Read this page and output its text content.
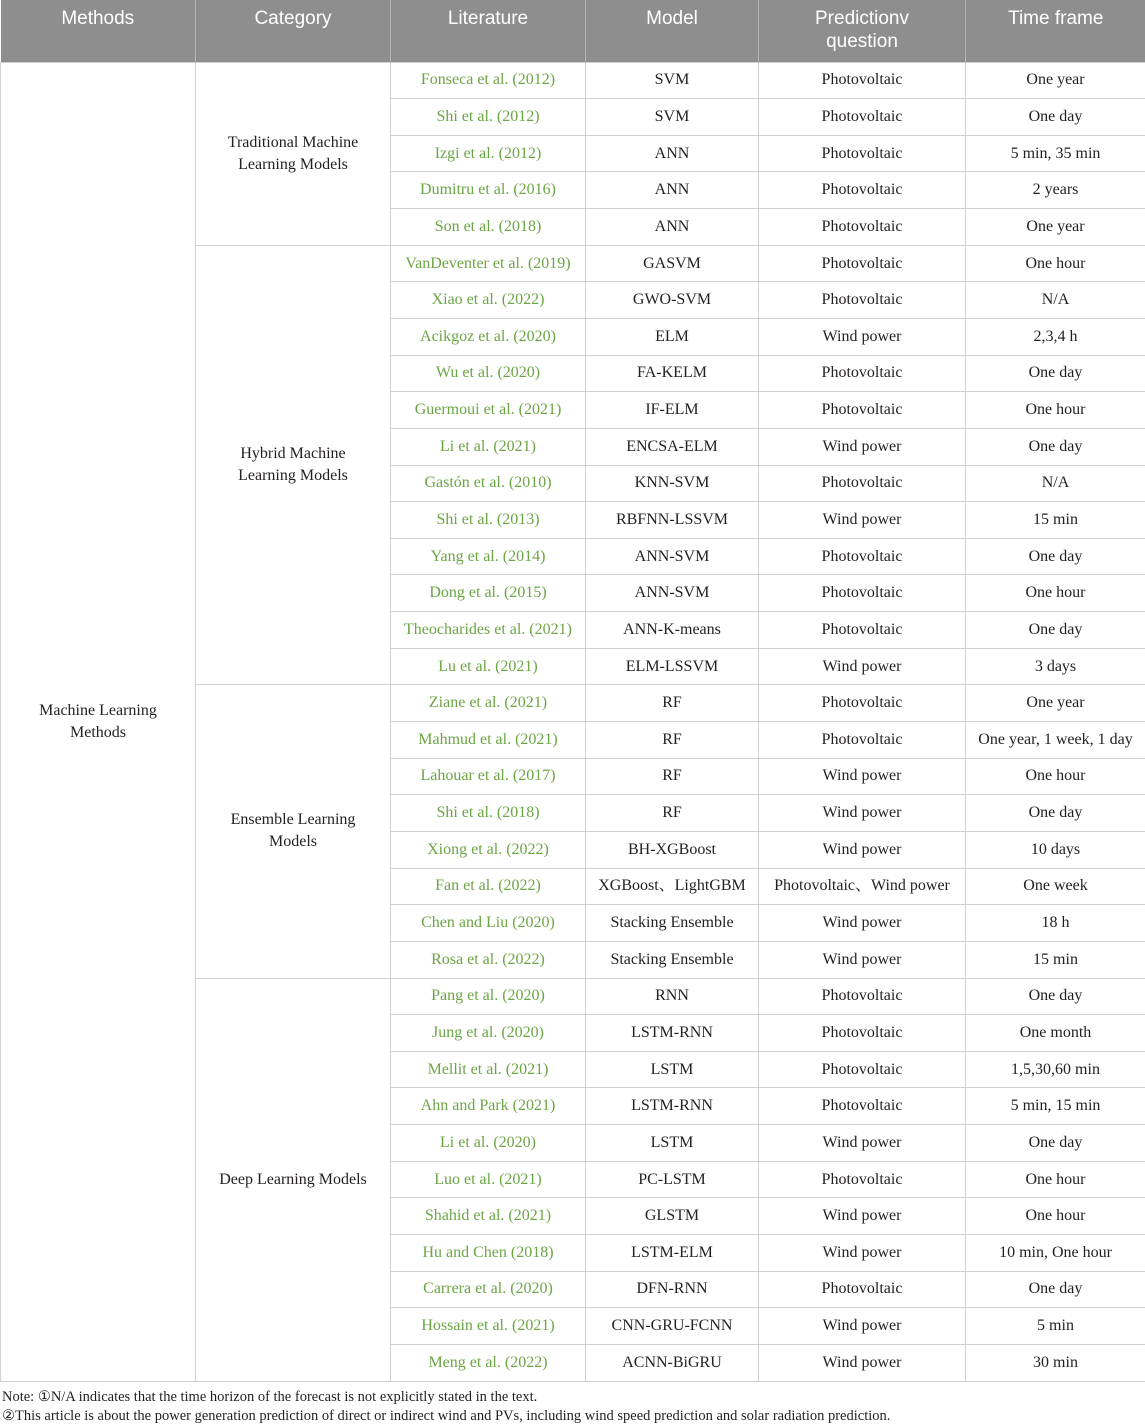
Methods	Category	Literature	Model	Predictionv question	Time frame
Machine Learning Methods	Traditional Machine Learning Models	Fonseca et al. (2012)	SVM	Photovoltaic	One year
		Shi et al. (2012)	SVM	Photovoltaic	One day
		Izgi et al. (2012)	ANN	Photovoltaic	5 min, 35 min
		Dumitru et al. (2016)	ANN	Photovoltaic	2 years
		Son et al. (2018)	ANN	Photovoltaic	One year
	Hybrid Machine Learning Models	VanDeventer et al. (2019)	GASVM	Photovoltaic	One hour
		Xiao et al. (2022)	GWO-SVM	Photovoltaic	N/A
		Acikgoz et al. (2020)	ELM	Wind power	2,3,4 h
		Wu et al. (2020)	FA-KELM	Photovoltaic	One day
		Guermoui et al. (2021)	IF-ELM	Photovoltaic	One hour
		Li et al. (2021)	ENCSA-ELM	Wind power	One day
		Gastón et al. (2010)	KNN-SVM	Photovoltaic	N/A
		Shi et al. (2013)	RBFNN-LSSVM	Wind power	15 min
		Yang et al. (2014)	ANN-SVM	Photovoltaic	One day
		Dong et al. (2015)	ANN-SVM	Photovoltaic	One hour
		Theocharides et al. (2021)	ANN-K-means	Photovoltaic	One day
		Lu et al. (2021)	ELM-LSSVM	Wind power	3 days
	Ensemble Learning Models	Ziane et al. (2021)	RF	Photovoltaic	One year
		Mahmud et al. (2021)	RF	Photovoltaic	One year, 1 week, 1 day
		Lahouar et al. (2017)	RF	Wind power	One hour
		Shi et al. (2018)	RF	Wind power	One day
		Xiong et al. (2022)	BH-XGBoost	Wind power	10 days
		Fan et al. (2022)	XGBoost、LightGBM	Photovoltaic、Wind power	One week
		Chen and Liu (2020)	Stacking Ensemble	Wind power	18 h
		Rosa et al. (2022)	Stacking Ensemble	Wind power	15 min
	Deep Learning Models	Pang et al. (2020)	RNN	Photovoltaic	One day
		Jung et al. (2020)	LSTM-RNN	Photovoltaic	One month
		Mellit et al. (2021)	LSTM	Photovoltaic	1,5,30,60 min
		Ahn and Park (2021)	LSTM-RNN	Photovoltaic	5 min, 15 min
		Li et al. (2020)	LSTM	Wind power	One day
		Luo et al. (2021)	PC-LSTM	Photovoltaic	One hour
		Shahid et al. (2021)	GLSTM	Wind power	One hour
		Hu and Chen (2018)	LSTM-ELM	Wind power	10 min, One hour
		Carrera et al. (2020)	DFN-RNN	Photovoltaic	One day
		Hossain et al. (2021)	CNN-GRU-FCNN	Wind power	5 min
		Meng et al. (2022)	ACNN-BiGRU	Wind power	30 min
Note: ①N/A indicates that the time horizon of the forecast is not explicitly stated in the text.
②This article is about the power generation prediction of direct or indirect wind and PVs, including wind speed prediction and solar radiation prediction.
